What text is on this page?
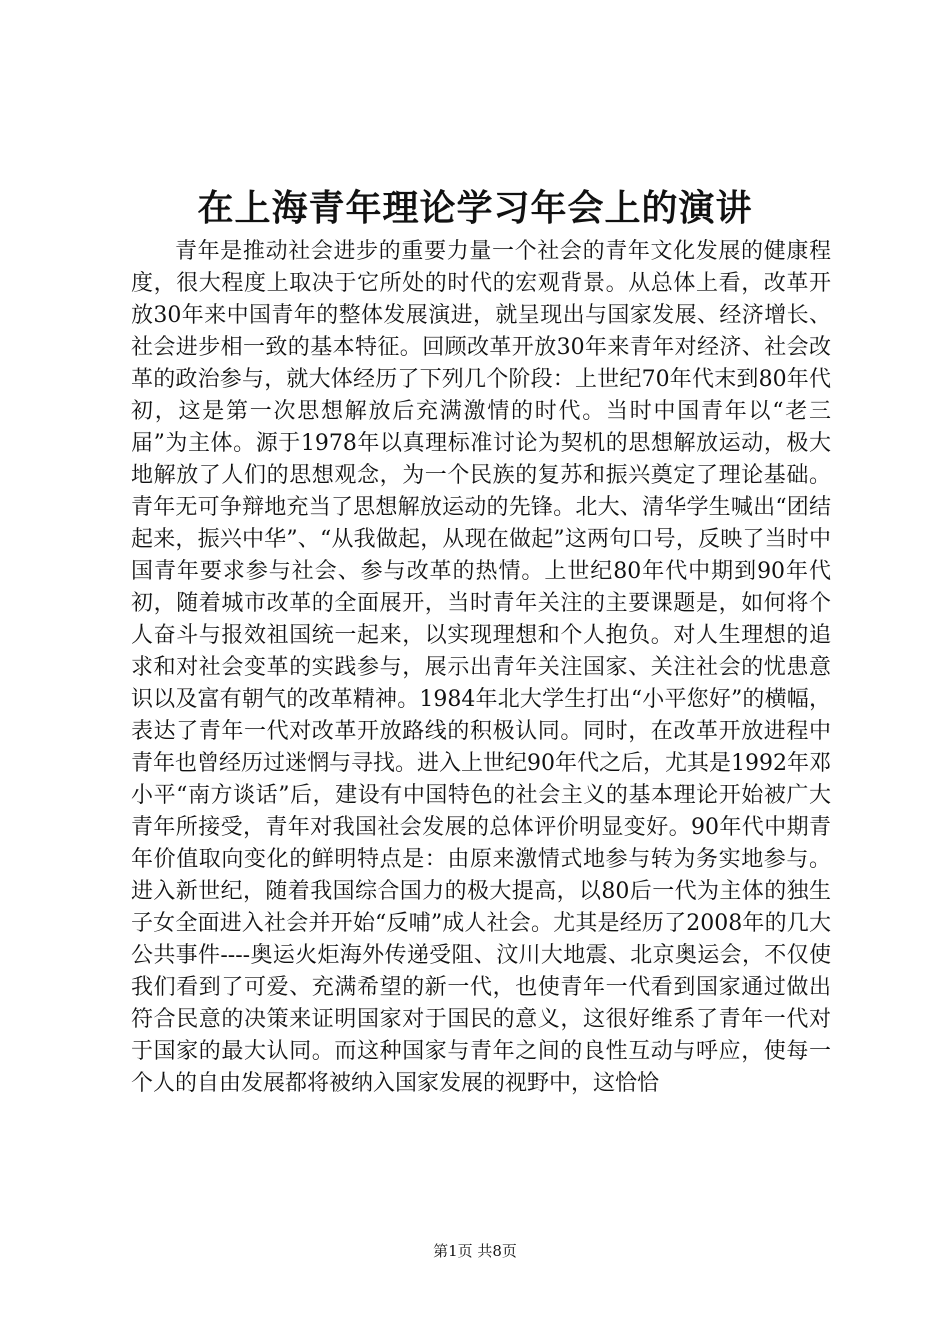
在上海青年理论学习年会上的演讲

青年是推动社会进步的重要力量一个社会的青年文化发展的健康程度，很大程度上取决于它所处的时代的宏观背景。从总体上看，改革开放30年来中国青年的整体发展演进，就呈现出与国家发展、经济增长、社会进步相一致的基本特征。回顾改革开放30年来青年对经济、社会改革的政治参与，就大体经历了下列几个阶段：上世纪70年代末到80年代初，这是第一次思想解放后充满激情的时代。当时中国青年以“老三届”为主体。源于1978年以真理标准讨论为契机的思想解放运动，极大地解放了人们的思想观念，为一个民族的复苏和振兴奠定了理论基础。青年无可争辩地充当了思想解放运动的先锋。北大、清华学生喊出“团结起来，振兴中华”、“从我做起，从现在做起”这两句口号，反映了当时中国青年要求参与社会、参与改革的热情。上世纪80年代中期到90年代初，随着城市改革的全面展开，当时青年关注的主要课题是，如何将个人奋斗与报效祖国统一起来，以实现理想和个人抱负。对人生理想的追求和对社会变革的实践参与，展示出青年关注国家、关注社会的忧患意识以及富有朝气的改革精神。1984年北大学生打出“小平您好”的横幅，表达了青年一代对改革开放路线的积极认同。同时，在改革开放进程中青年也曾经历过迷惘与寻找。进入上世纪90年代之后，尤其是1992年邓小平“南方谈话”后，建设有中国特色的社会主义的基本理论开始被广大青年所接受，青年对我国社会发展的总体评价明显变好。90年代中期青年价值取向变化的鲜明特点是：由原来激情式地参与转为务实地参与。进入新世纪，随着我国综合国力的极大提高，以80后一代为主体的独生子女全面进入社会并开始“反哺”成人社会。尤其是经历了2008年的几大公共事件----奥运火炬海外传递受阻、汶川大地震、北京奥运会，不仅使我们看到了可爱、充满希望的新一代，也使青年一代看到国家通过做出符合民意的决策来证明国家对于国民的意义，这很好维系了青年一代对于国家的最大认同。而这种国家与青年之间的良性互动与呼应，使每一个人的自由发展都将被纳入国家发展的视野中，这恰恰

第1页 共8页
